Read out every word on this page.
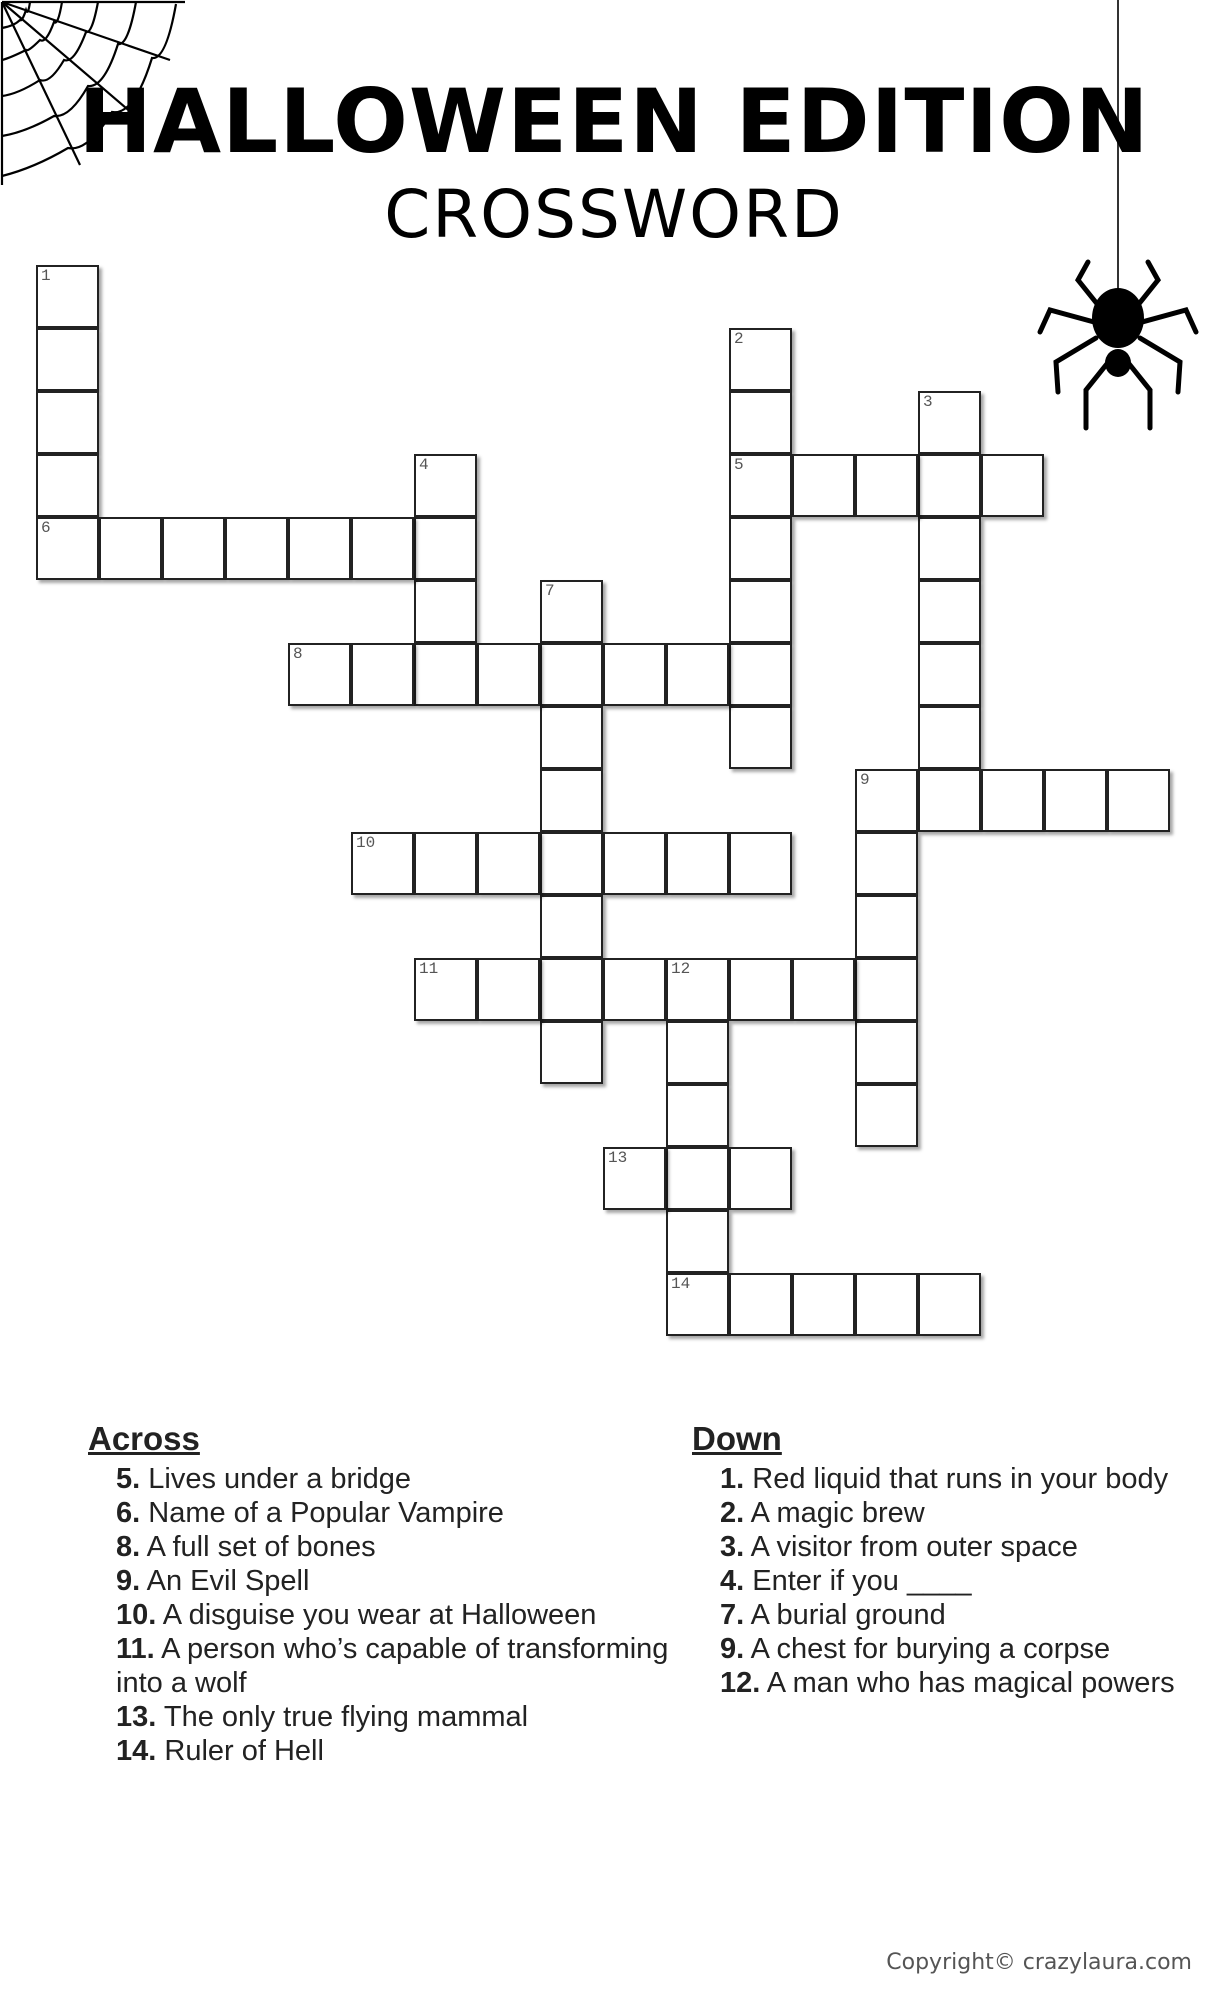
HALLOWEEN EDITION
CROSSWORD
1
6
2
5
3
4
7
8
9
10
11	12
14
13
Across
5. Lives under a bridge
6. Name of a Popular Vampire
8. A full set of bones
9. An Evil Spell
10. A disguise you wear at Halloween
11. A person who’s capable of transforming
into a wolf
13. The only true flying mammal
14. Ruler of Hell
Down
1. Red liquid that runs in your body
2. A magic brew
3. A visitor from outer space
4. Enter if you ____
7. A burial ground
9. A chest for burying a corpse
12. A man who has magical powers
Copyright© crazylaura.com
